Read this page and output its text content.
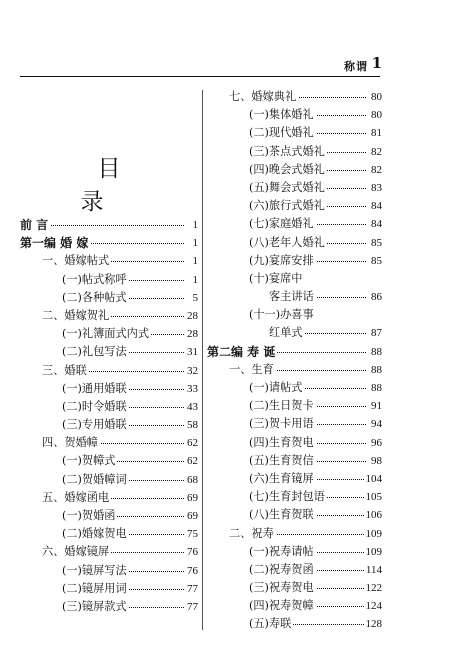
称谓 1
目 录
前 言	1
第一编 婚 嫁	1
一、婚嫁帖式	1
(一)帖式称呼	1
(二)各种帖式	5
二、婚嫁贺礼	28
(一)礼簿面式内式	28
(二)礼包写法	31
三、婚联	32
(一)通用婚联	33
(二)时令婚联	43
(三)专用婚联	58
四、贺婚幛	62
(一)贺幛式	62
(二)贺婚幛词	68
五、婚嫁函电	69
(一)贺婚函	69
(二)婚嫁贺电	75
六、婚嫁镜屏	76
(一)镜屏写法	76
(二)镜屏用词	77
(三)镜屏款式	77
七、婚嫁典礼	80
(一)集体婚礼	80
(二)现代婚礼	81
(三)茶点式婚礼	82
(四)晚会式婚礼	82
(五)舞会式婚礼	83
(六)旅行式婚礼	84
(七)家庭婚礼	84
(八)老年人婚礼	85
(九)宴席安排	85
(十)宴席中
客主讲话	86
(十一)办喜事
红单式	87
第二编 寿 诞	88
一、生育	88
(一)请帖式	88
(二)生日贺卡	91
(三)贺卡用语	94
(四)生育贺电	96
(五)生育贺信	98
(六)生育镜屏	104
(七)生育封包语	105
(八)生育贺联	106
二、祝寿	109
(一)祝寿请帖	109
(二)祝寿贺函	114
(三)祝寿贺电	122
(四)祝寿贺幛	124
(五)寿联	128
